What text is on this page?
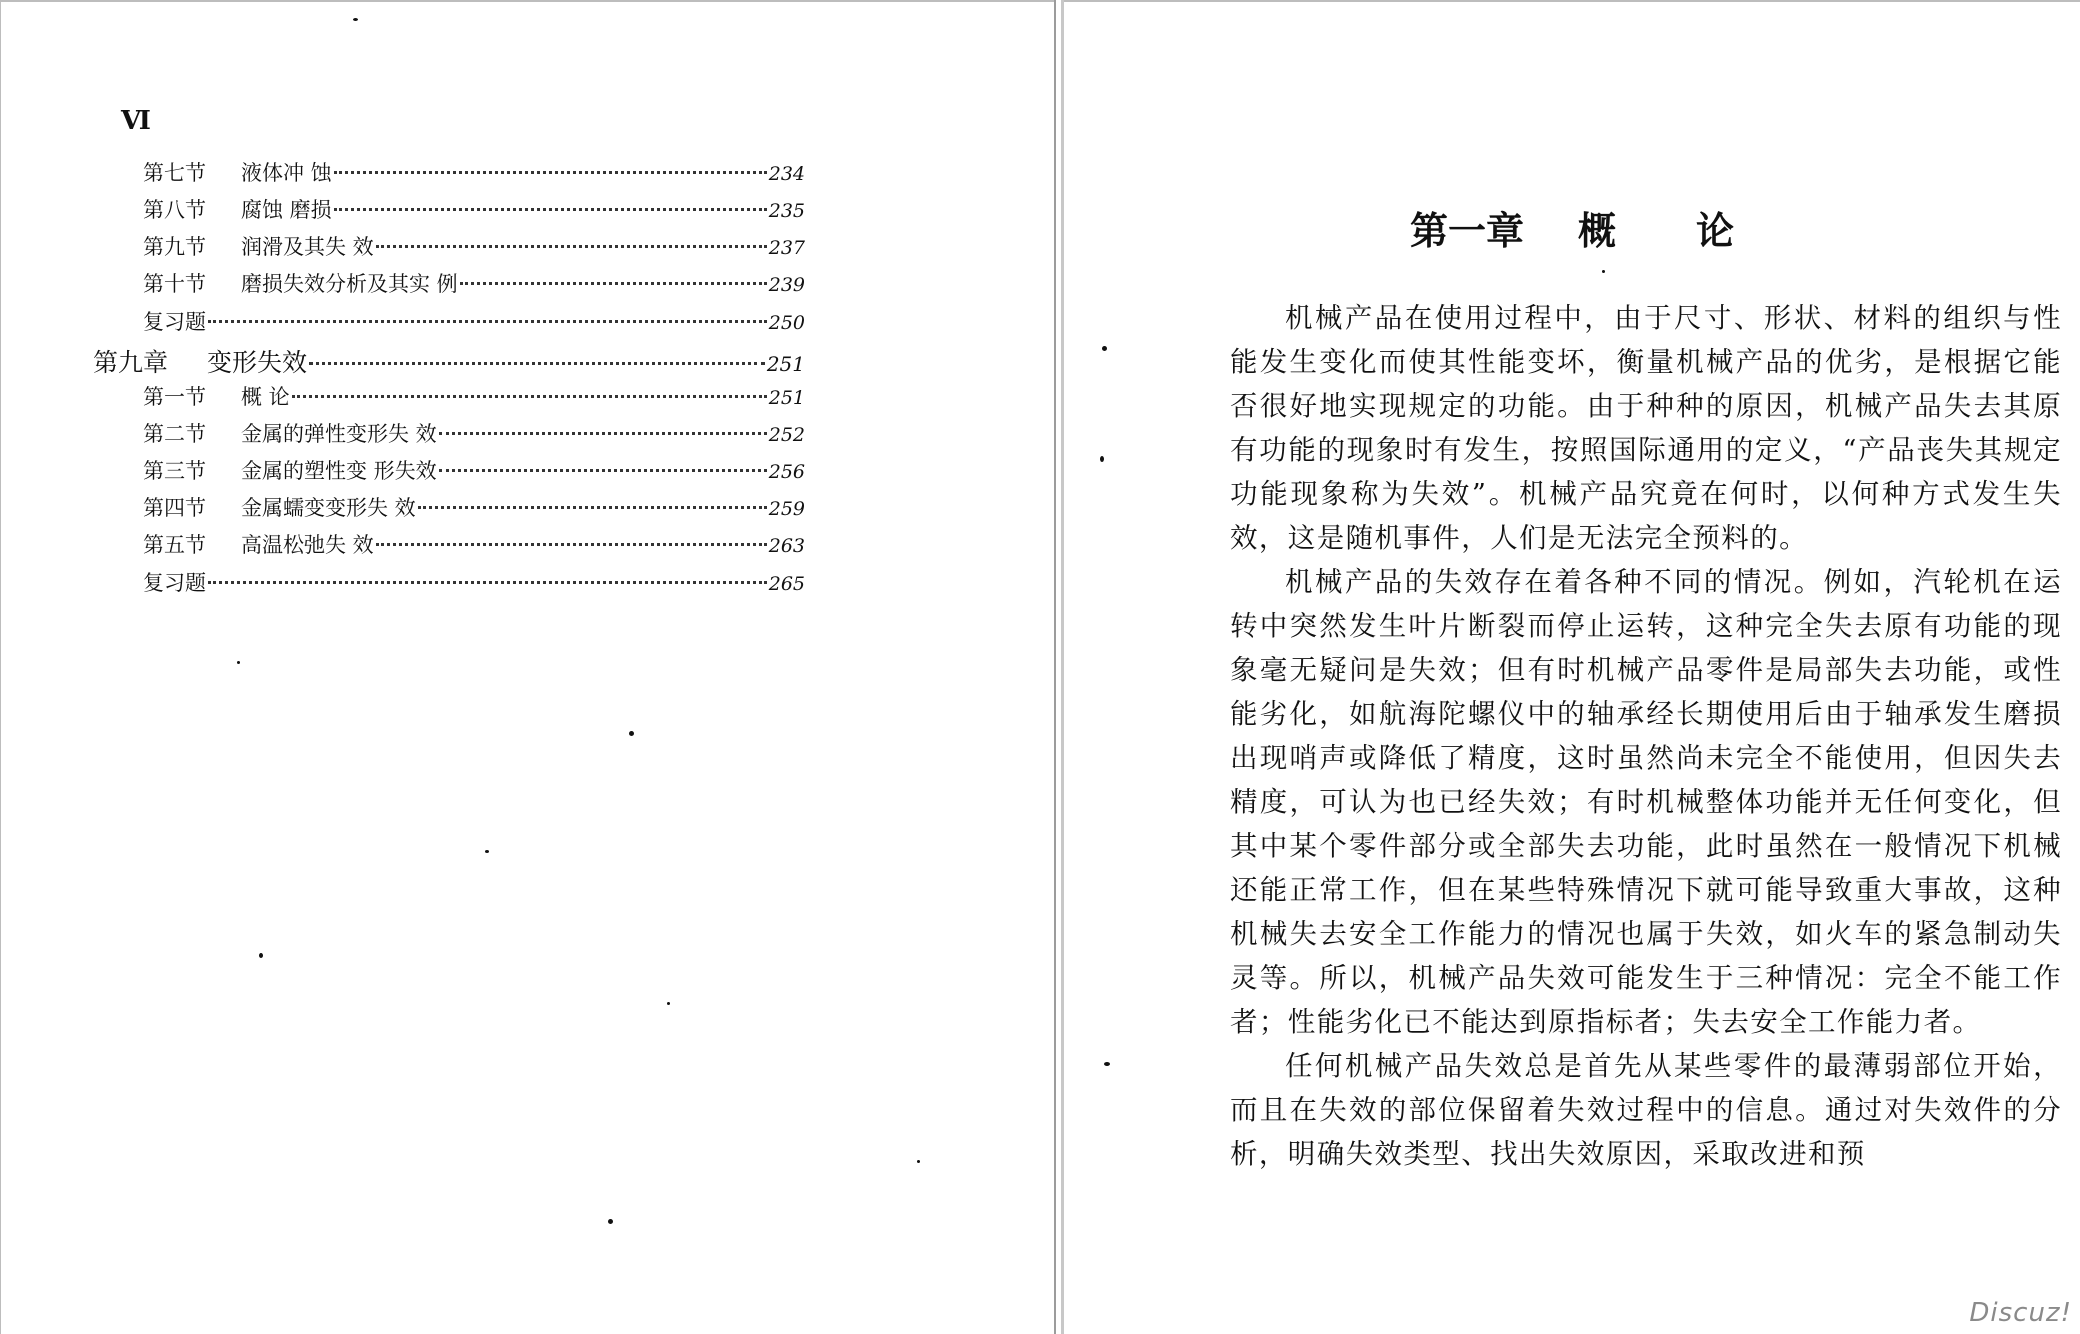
Ⅵ
第七节 液体冲 蚀	234
第八节 腐蚀 磨损	235
第九节 润滑及其失 效	237
第十节 磨损失效分析及其实 例	239
复习题	250
第九章 变形失效	251
第一节 概 论	251
第二节 金属的弹性变形失 效	252
第三节 金属的塑性变 形失效	256
第四节 金属蠕变变形失 效	259
第五节 高温松弛失 效	263
复习题	265
第一章 概 论

机械产品在使用过程中，由于尺寸、形状、材料的组织与性能发生变化而使其性能变坏，衡量机械产品的优劣，是根据它能否很好地实现规定的功能。由于种种的原因，机械产品失去其原有功能的现象时有发生，按照国际通用的定义，“产品丧失其规定功能现象称为失效”。机械产品究竟在何时，以何种方式发生失效，这是随机事件，人们是无法完全预料的。

机械产品的失效存在着各种不同的情况。例如，汽轮机在运转中突然发生叶片断裂而停止运转，这种完全失去原有功能的现象毫无疑问是失效；但有时机械产品零件是局部失去功能，或性能劣化，如航海陀螺仪中的轴承经长期使用后由于轴承发生磨损出现哨声或降低了精度，这时虽然尚未完全不能使用，但因失去精度，可认为也已经失效；有时机械整体功能并无任何变化，但其中某个零件部分或全部失去功能，此时虽然在一般情况下机械还能正常工作，但在某些特殊情况下就可能导致重大事故，这种机械失去安全工作能力的情况也属于失效，如火车的紧急制动失灵等。所以，机械产品失效可能发生于三种情况：完全不能工作者；性能劣化已不能达到原指标者；失去安全工作能力者。

任何机械产品失效总是首先从某些零件的最薄弱部位开始，而且在失效的部位保留着失效过程中的信息。通过对失效件的分析，明确失效类型、找出失效原因，采取改进和预

Discuz!
